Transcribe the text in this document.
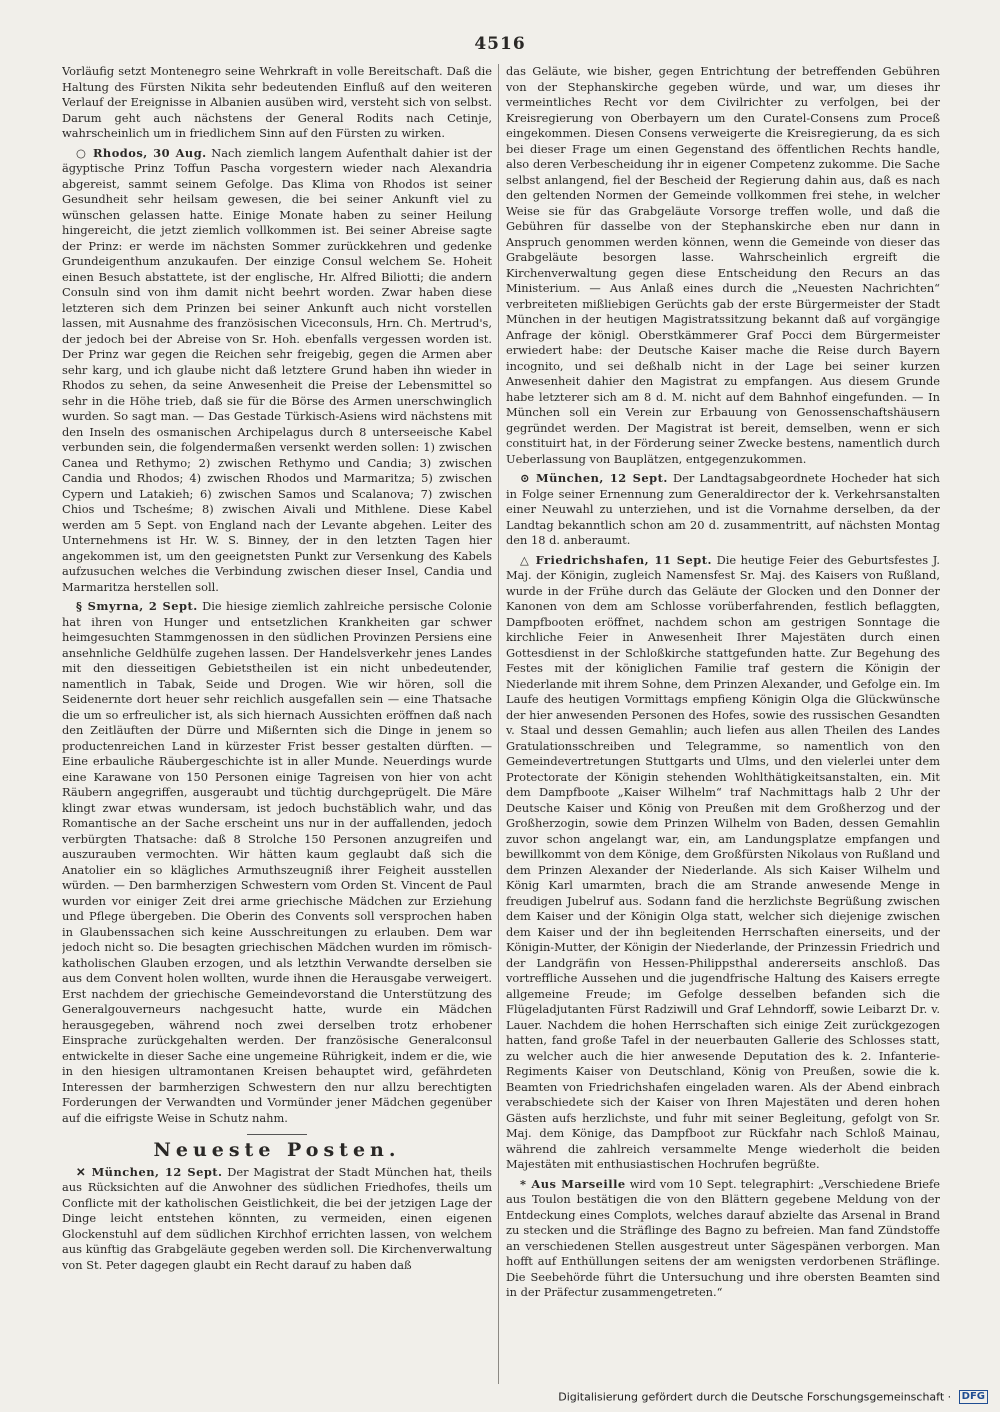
4516

Vorläufig setzt Montenegro seine Wehrkraft in volle Bereitschaft. Daß die Haltung des Fürsten Nikita sehr bedeutenden Einfluß auf den weiteren Verlauf der Ereignisse in Albanien ausüben wird, versteht sich von selbst. Darum geht auch nächstens der General Rodits nach Cetinje, wahrscheinlich um in friedlichem Sinn auf den Fürsten zu wirken.

○ Rhodos, 30 Aug. Nach ziemlich langem Aufenthalt dahier ist der ägyptische Prinz Toffun Pascha vorgestern wieder nach Alexandria abgereist, sammt seinem Gefolge. Das Klima von Rhodos ist seiner Gesundheit sehr heilsam gewesen, die bei seiner Ankunft viel zu wünschen gelassen hatte. Einige Monate haben zu seiner Heilung hingereicht, die jetzt ziemlich vollkommen ist. Bei seiner Abreise sagte der Prinz: er werde im nächsten Sommer zurückkehren und gedenke Grundeigenthum anzukaufen. Der einzige Consul welchem Se. Hoheit einen Besuch abstattete, ist der englische, Hr. Alfred Biliotti; die andern Consuln sind von ihm damit nicht beehrt worden. Zwar haben diese letzteren sich dem Prinzen bei seiner Ankunft auch nicht vorstellen lassen, mit Ausnahme des französischen Viceconsuls, Hrn. Ch. Mertrud's, der jedoch bei der Abreise von Sr. Hoh. ebenfalls vergessen worden ist. Der Prinz war gegen die Reichen sehr freigebig, gegen die Armen aber sehr karg, und ich glaube nicht daß letztere Grund haben ihn wieder in Rhodos zu sehen, da seine Anwesenheit die Preise der Lebensmittel so sehr in die Höhe trieb, daß sie für die Börse des Armen unerschwinglich wurden. So sagt man. — Das Gestade Türkisch-Asiens wird nächstens mit den Inseln des osmanischen Archipelagus durch 8 unterseeische Kabel verbunden sein, die folgendermaßen versenkt werden sollen: 1) zwischen Canea und Rethymo; 2) zwischen Rethymo und Candia; 3) zwischen Candia und Rhodos; 4) zwischen Rhodos und Marmaritza; 5) zwischen Cypern und Latakieh; 6) zwischen Samos und Scalanova; 7) zwischen Chios und Tscheśme; 8) zwischen Aivali und Mithlene. Diese Kabel werden am 5 Sept. von England nach der Levante abgehen. Leiter des Unternehmens ist Hr. W. S. Binney, der in den letzten Tagen hier angekommen ist, um den geeignetsten Punkt zur Versenkung des Kabels aufzusuchen welches die Verbindung zwischen dieser Insel, Candia und Marmaritza herstellen soll.

§ Smyrna, 2 Sept. Die hiesige ziemlich zahlreiche persische Colonie hat ihren von Hunger und entsetzlichen Krankheiten gar schwer heimgesuchten Stammgenossen in den südlichen Provinzen Persiens eine ansehnliche Geldhülfe zugehen lassen. Der Handelsverkehr jenes Landes mit den diesseitigen Gebietstheilen ist ein nicht unbedeutender, namentlich in Tabak, Seide und Drogen. Wie wir hören, soll die Seidenernte dort heuer sehr reichlich ausgefallen sein — eine Thatsache die um so erfreulicher ist, als sich hiernach Aussichten eröffnen daß nach den Zeitläuften der Dürre und Mißernten sich die Dinge in jenem so productenreichen Land in kürzester Frist besser gestalten dürften. — Eine erbauliche Räubergeschichte ist in aller Munde. Neuerdings wurde eine Karawane von 150 Personen einige Tagreisen von hier von acht Räubern angegriffen, ausgeraubt und tüchtig durchgeprügelt. Die Märe klingt zwar etwas wundersam, ist jedoch buchstäblich wahr, und das Romantische an der Sache erscheint uns nur in der auffallenden, jedoch verbürgten Thatsache: daß 8 Strolche 150 Personen anzugreifen und auszurauben vermochten. Wir hätten kaum geglaubt daß sich die Anatolier ein so klägliches Armuthszeugniß ihrer Feigheit ausstellen würden. — Den barmherzigen Schwestern vom Orden St. Vincent de Paul wurden vor einiger Zeit drei arme griechische Mädchen zur Erziehung und Pflege übergeben. Die Oberin des Convents soll versprochen haben in Glaubenssachen sich keine Ausschreitungen zu erlauben. Dem war jedoch nicht so. Die besagten griechischen Mädchen wurden im römisch-katholischen Glauben erzogen, und als letzthin Verwandte derselben sie aus dem Convent holen wollten, wurde ihnen die Herausgabe verweigert. Erst nachdem der griechische Gemeindevorstand die Unterstützung des Generalgouverneurs nachgesucht hatte, wurde ein Mädchen herausgegeben, während noch zwei derselben trotz erhobener Einsprache zurückgehalten werden. Der französische Generalconsul entwickelte in dieser Sache eine ungemeine Rührigkeit, indem er die, wie in den hiesigen ultramontanen Kreisen behauptet wird, gefährdeten Interessen der barmherzigen Schwestern den nur allzu berechtigten Forderungen der Verwandten und Vormünder jener Mädchen gegenüber auf die eifrigste Weise in Schutz nahm.

Neueste Posten.

✕ München, 12 Sept. Der Magistrat der Stadt München hat, theils aus Rücksichten auf die Anwohner des südlichen Friedhofes, theils um Conflicte mit der katholischen Geistlichkeit, die bei der jetzigen Lage der Dinge leicht entstehen könnten, zu vermeiden, einen eigenen Glockenstuhl auf dem südlichen Kirchhof errichten lassen, von welchem aus künftig das Grabgeläute gegeben werden soll. Die Kirchenverwaltung von St. Peter dagegen glaubt ein Recht darauf zu haben daß

das Geläute, wie bisher, gegen Entrichtung der betreffenden Gebühren von der Stephanskirche gegeben würde, und war, um dieses ihr vermeintliches Recht vor dem Civilrichter zu verfolgen, bei der Kreisregierung von Oberbayern um den Curatel-Consens zum Proceß eingekommen. Diesen Consens verweigerte die Kreisregierung, da es sich bei dieser Frage um einen Gegenstand des öffentlichen Rechts handle, also deren Verbescheidung ihr in eigener Competenz zukomme. Die Sache selbst anlangend, fiel der Bescheid der Regierung dahin aus, daß es nach den geltenden Normen der Gemeinde vollkommen frei stehe, in welcher Weise sie für das Grabgeläute Vorsorge treffen wolle, und daß die Gebühren für dasselbe von der Stephanskirche eben nur dann in Anspruch genommen werden können, wenn die Gemeinde von dieser das Grabgeläute besorgen lasse. Wahrscheinlich ergreift die Kirchenverwaltung gegen diese Entscheidung den Recurs an das Ministerium. — Aus Anlaß eines durch die „Neuesten Nachrichten“ verbreiteten mißliebigen Gerüchts gab der erste Bürgermeister der Stadt München in der heutigen Magistratssitzung bekannt daß auf vorgängige Anfrage der königl. Oberstkämmerer Graf Pocci dem Bürgermeister erwiedert habe: der Deutsche Kaiser mache die Reise durch Bayern incognito, und sei deßhalb nicht in der Lage bei seiner kurzen Anwesenheit dahier den Magistrat zu empfangen. Aus diesem Grunde habe letzterer sich am 8 d. M. nicht auf dem Bahnhof eingefunden. — In München soll ein Verein zur Erbauung von Genossenschaftshäusern gegründet werden. Der Magistrat ist bereit, demselben, wenn er sich constituirt hat, in der Förderung seiner Zwecke bestens, namentlich durch Ueberlassung von Bauplätzen, entgegenzukommen.

⊙ München, 12 Sept. Der Landtagsabgeordnete Hocheder hat sich in Folge seiner Ernennung zum Generaldirector der k. Verkehrsanstalten einer Neuwahl zu unterziehen, und ist die Vornahme derselben, da der Landtag bekanntlich schon am 20 d. zusammentritt, auf nächsten Montag den 18 d. anberaumt.

△ Friedrichshafen, 11 Sept. Die heutige Feier des Geburtsfestes J. Maj. der Königin, zugleich Namensfest Sr. Maj. des Kaisers von Rußland, wurde in der Frühe durch das Geläute der Glocken und den Donner der Kanonen von dem am Schlosse vorüberfahrenden, festlich beflaggten, Dampfbooten eröffnet, nachdem schon am gestrigen Sonntage die kirchliche Feier in Anwesenheit Ihrer Majestäten durch einen Gottesdienst in der Schloßkirche stattgefunden hatte. Zur Begehung des Festes mit der königlichen Familie traf gestern die Königin der Niederlande mit ihrem Sohne, dem Prinzen Alexander, und Gefolge ein. Im Laufe des heutigen Vormittags empfieng Königin Olga die Glückwünsche der hier anwesenden Personen des Hofes, sowie des russischen Gesandten v. Staal und dessen Gemahlin; auch liefen aus allen Theilen des Landes Gratulationsschreiben und Telegramme, so namentlich von den Gemeindevertretungen Stuttgarts und Ulms, und den vielerlei unter dem Protectorate der Königin stehenden Wohlthätigkeitsanstalten, ein. Mit dem Dampfboote „Kaiser Wilhelm“ traf Nachmittags halb 2 Uhr der Deutsche Kaiser und König von Preußen mit dem Großherzog und der Großherzogin, sowie dem Prinzen Wilhelm von Baden, dessen Gemahlin zuvor schon angelangt war, ein, am Landungsplatze empfangen und bewillkommt von dem Könige, dem Großfürsten Nikolaus von Rußland und dem Prinzen Alexander der Niederlande. Als sich Kaiser Wilhelm und König Karl umarmten, brach die am Strande anwesende Menge in freudigen Jubelruf aus. Sodann fand die herzlichste Begrüßung zwischen dem Kaiser und der Königin Olga statt, welcher sich diejenige zwischen dem Kaiser und der ihn begleitenden Herrschaften einerseits, und der Königin-Mutter, der Königin der Niederlande, der Prinzessin Friedrich und der Landgräfin von Hessen-Philippsthal andererseits anschloß. Das vortreffliche Aussehen und die jugendfrische Haltung des Kaisers erregte allgemeine Freude; im Gefolge desselben befanden sich die Flügeladjutanten Fürst Radziwill und Graf Lehndorff, sowie Leibarzt Dr. v. Lauer. Nachdem die hohen Herrschaften sich einige Zeit zurückgezogen hatten, fand große Tafel in der neuerbauten Gallerie des Schlosses statt, zu welcher auch die hier anwesende Deputation des k. 2. Infanterie-Regiments Kaiser von Deutschland, König von Preußen, sowie die k. Beamten von Friedrichshafen eingeladen waren. Als der Abend einbrach verabschiedete sich der Kaiser von Ihren Majestäten und deren hohen Gästen aufs herzlichste, und fuhr mit seiner Begleitung, gefolgt von Sr. Maj. dem Könige, das Dampfboot zur Rückfahr nach Schloß Mainau, während die zahlreich versammelte Menge wiederholt die beiden Majestäten mit enthusiastischen Hochrufen begrüßte.

* Aus Marseille wird vom 10 Sept. telegraphirt: „Verschiedene Briefe aus Toulon bestätigen die von den Blättern gegebene Meldung von der Entdeckung eines Complots, welches darauf abzielte das Arsenal in Brand zu stecken und die Sträflinge des Bagno zu befreien. Man fand Zündstoffe an verschiedenen Stellen ausgestreut unter Sägespänen verborgen. Man hofft auf Enthüllungen seitens der am wenigsten verdorbenen Sträflinge. Die Seebehörde führt die Untersuchung und ihre obersten Beamten sind in der Präfectur zusammengetreten.“

Digitalisierung gefördert durch die Deutsche Forschungsgemeinschaft · DFG
